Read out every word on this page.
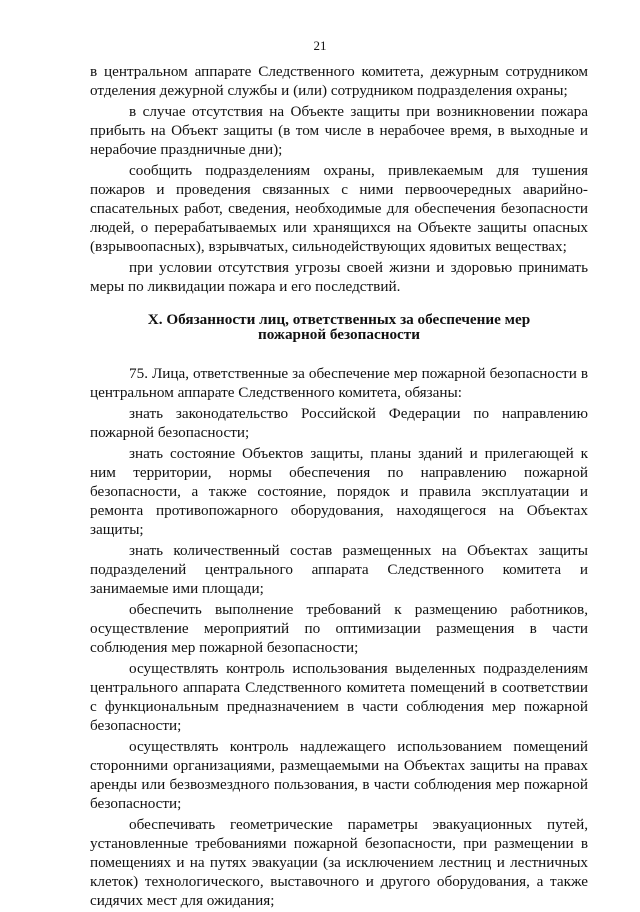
21

в центральном аппарате Следственного комитета, дежурным сотрудником отделения дежурной службы и (или) сотрудником подразделения охраны;

в случае отсутствия на Объекте защиты при возникновении пожара прибыть на Объект защиты (в том числе в нерабочее время, в выходные и нерабочие праздничные дни);

сообщить подразделениям охраны, привлекаемым для тушения пожаров и проведения связанных с ними первоочередных аварийно-спасательных работ, сведения, необходимые для обеспечения безопасности людей, о перерабатываемых или хранящихся на Объекте защиты опасных (взрывоопасных), взрывчатых, сильнодействующих ядовитых веществах;

при условии отсутствия угрозы своей жизни и здоровью принимать меры по ликвидации пожара и его последствий.

X. Обязанности лиц, ответственных за обеспечение мер
пожарной безопасности

75. Лица, ответственные за обеспечение мер пожарной безопасности в центральном аппарате Следственного комитета, обязаны:

знать законодательство Российской Федерации по направлению пожарной безопасности;

знать состояние Объектов защиты, планы зданий и прилегающей к ним территории, нормы обеспечения по направлению пожарной безопасности, а также состояние, порядок и правила эксплуатации и ремонта противопожарного оборудования, находящегося на Объектах защиты;

знать количественный состав размещенных на Объектах защиты подразделений центрального аппарата Следственного комитета и занимаемые ими площади;

обеспечить выполнение требований к размещению работников, осуществление мероприятий по оптимизации размещения в части соблюдения мер пожарной безопасности;

осуществлять контроль использования выделенных подразделениям центрального аппарата Следственного комитета помещений в соответствии с функциональным предназначением в части соблюдения мер пожарной безопасности;

осуществлять контроль надлежащего использованием помещений сторонними организациями, размещаемыми на Объектах защиты на правах аренды или безвозмездного пользования, в части соблюдения мер пожарной безопасности;

обеспечивать геометрические параметры эвакуационных путей, установленные требованиями пожарной безопасности, при размещении в помещениях и на путях эвакуации (за исключением лестниц и лестничных клеток) технологического, выставочного и другого оборудования, а также сидячих мест для ожидания;
